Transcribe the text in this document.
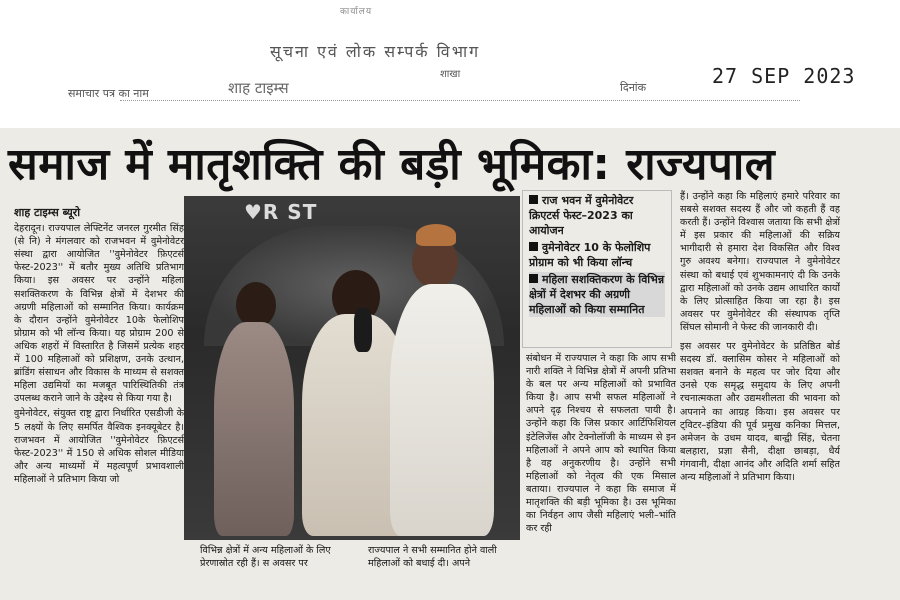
कार्यालय
सूचना एवं लोक सम्पर्क विभाग
समाचार पत्र का नाम	शाह टाइम्स
शाखा
दिनांक	27 SEP 2023
समाज में मातृशक्ति की बड़ी भूमिका: राज्यपाल

शाह टाइम्स ब्यूरो

देहरादून। राज्यपाल लेफ्टिनेंट जनरल गुरमीत सिंह (से नि) ने मंगलवार को राजभवन में वुमेनोवेटर संस्था द्वारा आयोजित ''वुमेनोवेटर फ़िएटर्स फेस्ट-2023'' में बतौर मुख्य अतिथि प्रतिभाग किया। इस अवसर पर उन्होंने महिला सशक्तिकरण के विभिन्न क्षेत्रों में देशभर की अग्रणी महिलाओं को सम्मानित किया। कार्यक्रम के दौरान उन्होंने वुमेनोवेटर 10के फेलोशिप प्रोग्राम को भी लॉन्च किया। यह प्रोग्राम 200 से अधिक शहरों में विस्तारित है जिसमें प्रत्येक शहर में 100 महिलाओं को प्रशिक्षण, उनके उत्थान, ब्रांडिंग संसाधन और विकास के माध्यम से सशक्त महिला उद्यमियों का मजबूत पारिस्थितिकी तंत्र उपलब्ध कराने जाने के उद्देश्य से किया गया है।

वुमेनोवेटर, संयुक्त राष्ट्र द्वारा निर्धारित एसडीजी के 5 लक्ष्यों के लिए समर्पित वैश्विक इनक्यूबेटर है। राजभवन में आयोजित ''वुमेनोवेटर फ़िएटर्स फेस्ट-2023'' में 150 से अधिक सोशल मीडिया और अन्य माध्यमों में महत्वपूर्ण प्रभावशाली महिलाओं ने प्रतिभाग किया जो

♥R ST
विभिन्न क्षेत्रों में अन्य महिलाओं के लिए प्रेरणास्रोत रही हैं। स अवसर पर
राज्यपाल ने सभी सम्मानित होने वाली महिलाओं को बधाई दी। अपने
राज भवन में वुमेनोवेटर क्रिएटर्स फेस्ट–2023 का आयोजन
वुमेनोवेटर 10 के फेलोशिप प्रोग्राम को भी किया लॉन्च
महिला सशक्तिकरण के विभिन्न क्षेत्रों में देशभर की अग्रणी महिलाओं को किया सम्मानित

संबोधन में राज्यपाल ने कहा कि आप सभी नारी शक्ति ने विभिन्न क्षेत्रों में अपनी प्रतिभा के बल पर अन्य महिलाओं को प्रभावित किया है। आप सभी सफल महिलाओं ने अपने दृढ़ निश्चय से सफलता पायी है। उन्होंने कहा कि जिस प्रकार आर्टिफिशियल इंटेलिजेंस और टेक्नोलॉजी के माध्यम से इन महिलाओं ने अपने आप को स्थापित किया है वह अनुकरणीय है। उन्होंने सभी महिलाओं को नेतृत्व की एक मिसाल बताया। राज्यपाल ने कहा कि समाज में मातृशक्ति की बड़ी भूमिका है। उस भूमिका का निर्वहन आप जैसी महिलाएं भली–भांति कर रही

हैं। उन्होंने कहा कि महिलाएं हमारे परिवार का सबसे सशक्त सदस्य हैं और जो कहती हैं वह करती हैं। उन्होंने विश्वास जताया कि सभी क्षेत्रों में इस प्रकार की महिलाओं की सक्रिय भागीदारी से हमारा देश विकसित और विश्व गुरु अवश्य बनेगा। राज्यपाल ने वुमेनोवेटर संस्था को बधाई एवं शुभकामनाएं दी कि उनके द्वारा महिलाओं को उनके उद्यम आधारित कार्यों के लिए प्रोत्साहित किया जा रहा है। इस अवसर पर वुमेनोवेटर की संस्थापक तृप्ति सिंघल सोमानी ने फेस्ट की जानकारी दी।

इस अवसर पर वुमेनोवेटर के प्रतिष्ठित बोर्ड सदस्य डॉ. क्लासिम कोसर ने महिलाओं को सशक्त बनाने के महत्व पर जोर दिया और उनसे एक समृद्ध समुदाय के लिए अपनी रचनात्मकता और उद्यमशीलता की भावना को अपनाने का आग्रह किया। इस अवसर पर ट्विटर–इंडिया की पूर्व प्रमुख कनिका मित्तल, अमेजन के उधम यादव, बान्द्वी सिंह, चेतना बलहारा, प्रज्ञा सैनी, दीक्षा छाबड़ा, धैर्य गंगवानी, दीक्षा आनंद और अदिति शर्मा सहित अन्य महिलाओं ने प्रतिभाग किया।
